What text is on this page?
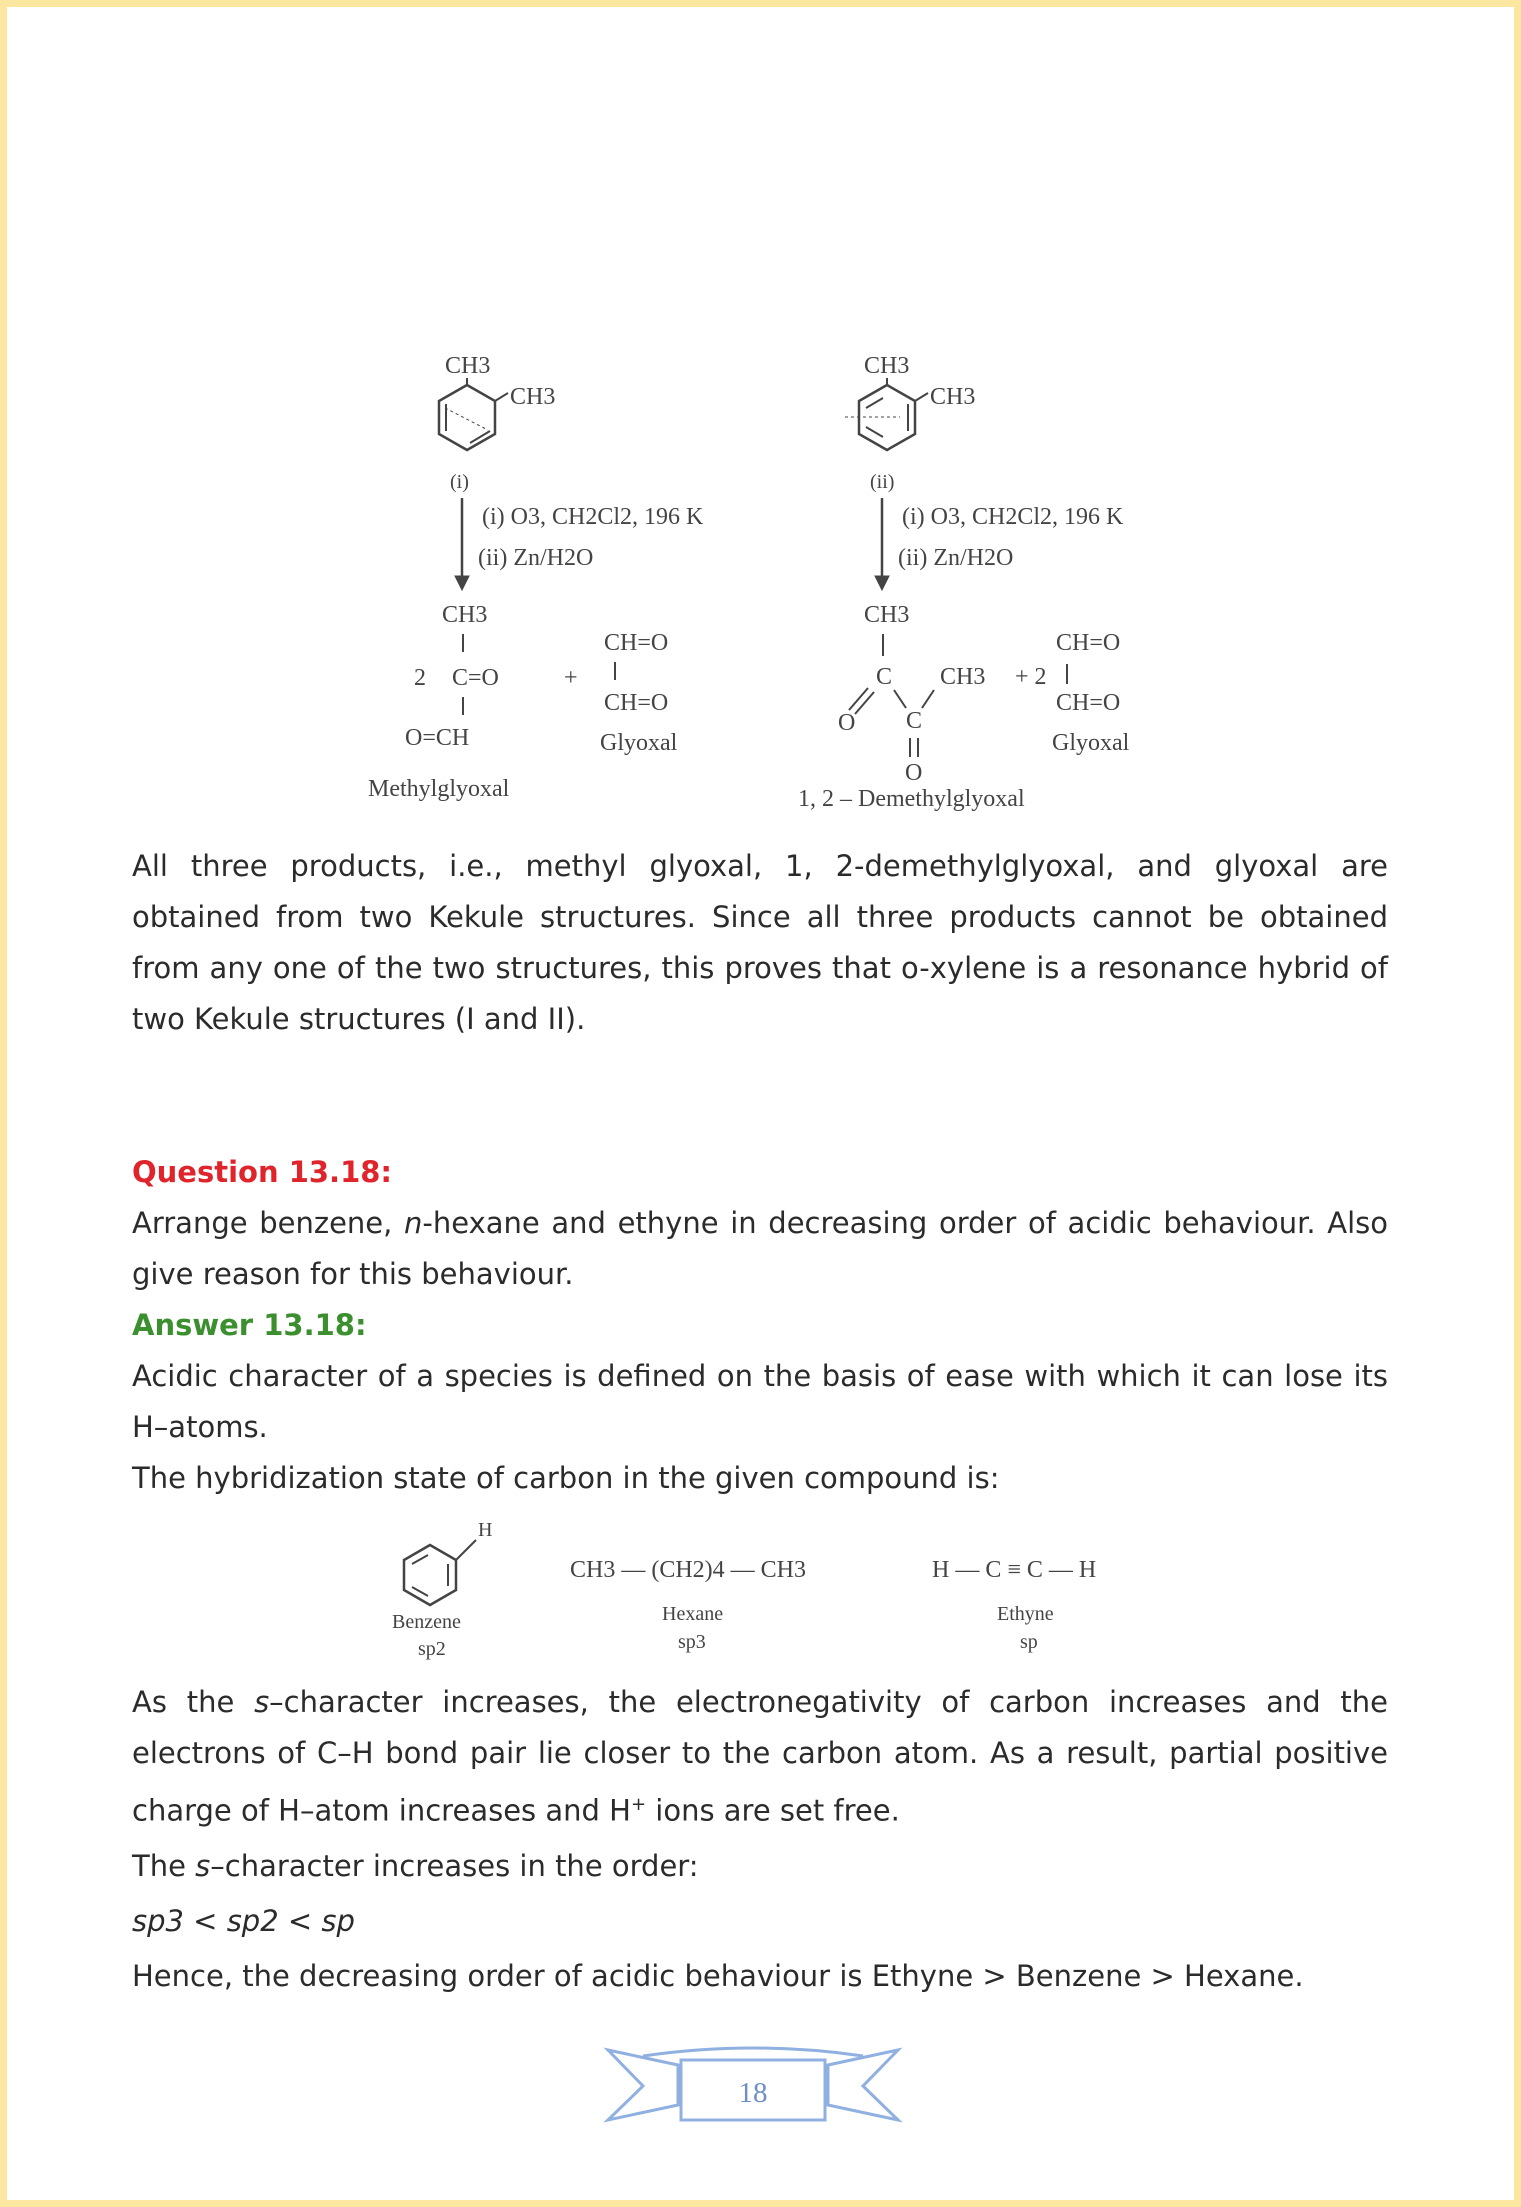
CH3
CH3
(i)
(i) O3, CH2Cl2, 196 K
(ii) Zn/H2O
CH3
2 C=O
O=CH
+
CH=O
CH=O
Glyoxal
Methylglyoxal
CH3
CH3
(ii)
(i) O3, CH2Cl2, 196 K
(ii) Zn/H2O
CH3
C CH3
O C
O
+ 2
CH=O
CH=O
Glyoxal
1, 2 – Demethylglyoxal

All three products, i.e., methyl glyoxal, 1, 2-demethylglyoxal, and glyoxal are obtained from two Kekule structures. Since all three products cannot be obtained from any one of the two structures, this proves that o-xylene is a resonance hybrid of two Kekule structures (I and II).

Question 13.18:

Arrange benzene, n-hexane and ethyne in decreasing order of acidic behaviour. Also give reason for this behaviour.

Answer 13.18:

Acidic character of a species is defined on the basis of ease with which it can lose its H–atoms.

The hybridization state of carbon in the given compound is:

H
Benzene
sp2
CH3 — (CH2)4 — CH3
Hexane
sp3
H — C ≡ C — H
Ethyne
sp

As the s–character increases, the electronegativity of carbon increases and the electrons of C–H bond pair lie closer to the carbon atom. As a result, partial positive charge of H–atom increases and H+ ions are set free.

The s–character increases in the order:

sp3 < sp2 < sp

Hence, the decreasing order of acidic behaviour is Ethyne > Benzene > Hexane.

18
